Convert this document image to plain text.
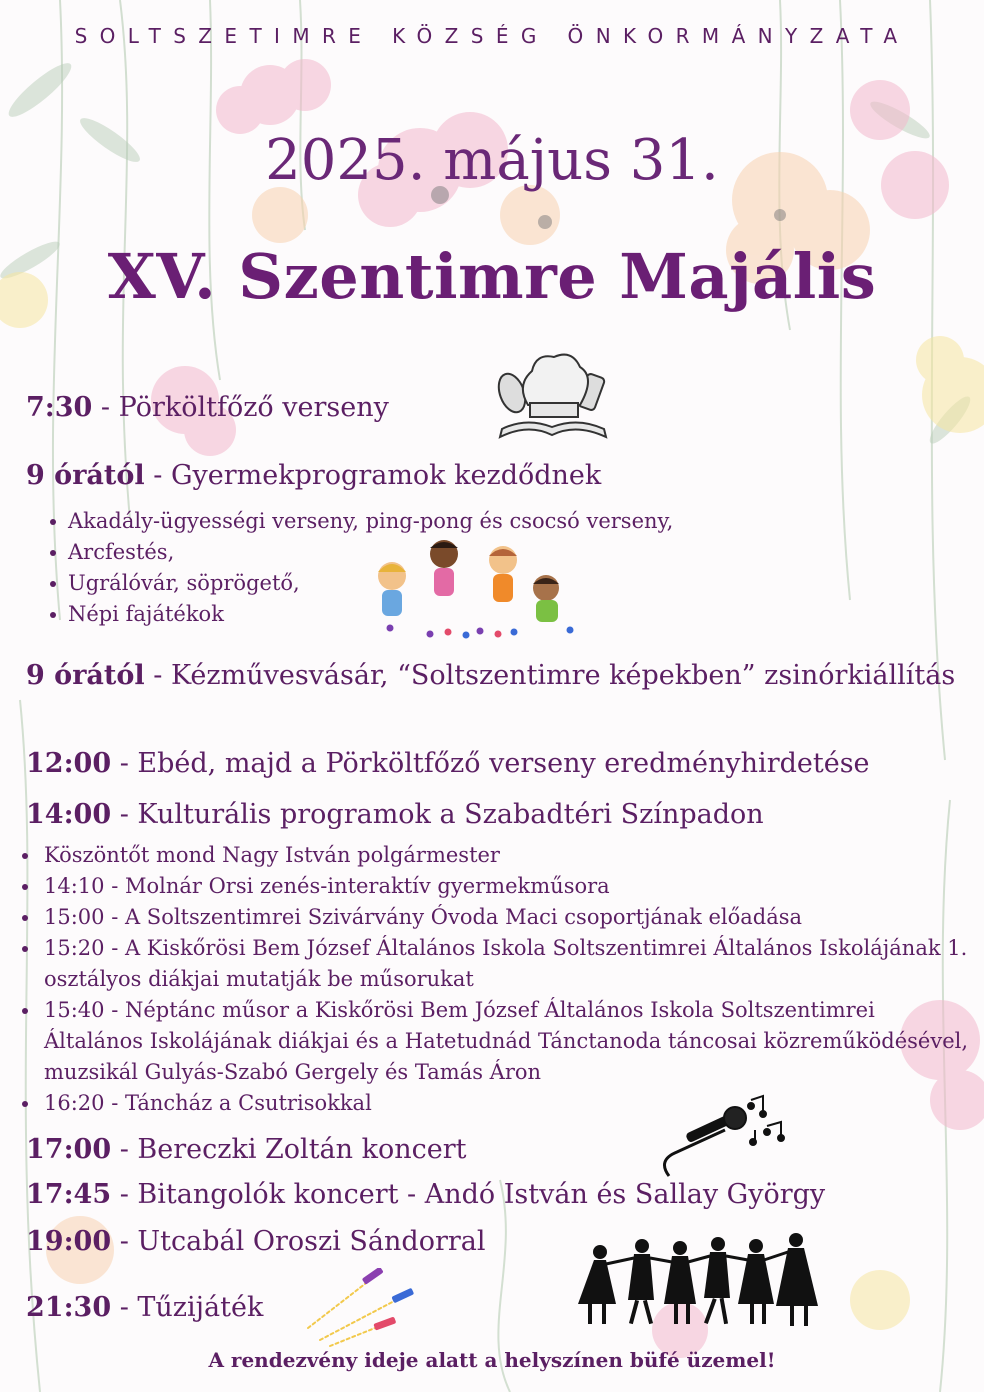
SOLTSZETIMRE KÖZSÉG ÖNKORMÁNYZATA
2025. május 31.
XV. Szentimre Majális
7:30 - Pörköltfőző verseny
9 órától - Gyermekprogramok kezdődnek
Akadály-ügyességi verseny, ping-pong és csocsó verseny,
Arcfestés,
Ugrálóvár, söprögető,
Népi fajátékok
9 órától - Kézművesvásár, “Soltszentimre képekben” zsinórkiállítás
12:00 - Ebéd, majd a Pörköltfőző verseny eredményhirdetése
14:00 - Kulturális programok a Szabadtéri Színpadon
Köszöntőt mond Nagy István polgármester
14:10 - Molnár Orsi zenés-interaktív gyermekműsora
15:00 - A Soltszentimrei Szivárvány Óvoda Maci csoportjának előadása
15:20 - A Kiskőrösi Bem József Általános Iskola Soltszentimrei Általános Iskolájának 1. osztályos diákjai mutatják be műsorukat
15:40 - Néptánc műsor a Kiskőrösi Bem József Általános Iskola Soltszentimrei Általános Iskolájának diákjai és a Hatetudnád Tánctanoda táncosai közreműködésével, muzsikál Gulyás-Szabó Gergely és Tamás Áron
16:20 - Táncház a Csutrisokkal
17:00 - Bereczki Zoltán koncert
17:45 - Bitangolók koncert - Andó István és Sallay György
19:00 - Utcabál Oroszi Sándorral
21:30 - Tűzijáték
A rendezvény ideje alatt a helyszínen büfé üzemel!
